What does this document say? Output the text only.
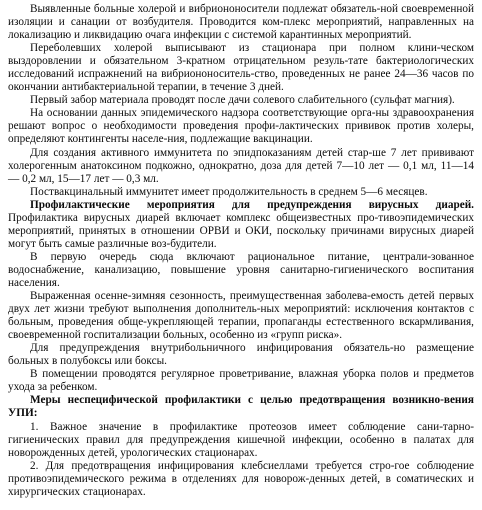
Выявленные больные холерой и вибриононосители подлежат обязатель-ной своевременной изоляции и санации от возбудителя. Проводится ком-плекс мероприятий, направленных на локализацию и ликвидацию очага инфекции с системой карантинных мероприятий.

Переболевших холерой выписывают из стационара при полном клини-ческом выздоровлении и обязательном 3-кратном отрицательном резуль-тате бактериологических исследований испражнений на вибриононоситель-ство, проведенных не ранее 24—36 часов по окончании антибактериальной терапии, в течение 3 дней.

Первый забор материала проводят после дачи солевого слабительного (сульфат магния).

На основании данных эпидемического надзора соответствующие орга-ны здравоохранения решают вопрос о необходимости проведения профи-лактических прививок против холеры, определяют контингенты населе-ния, подлежащие вакцинации.

Для создания активного иммунитета по эпидпоказаниям детей стар-ше 7 лет прививают холерогенным анатоксином подкожно, однократно, доза для детей 7—10 лет — 0,1 мл, 11—14 — 0,2 мл, 15—17 лет — 0,3 мл.

Поствакцинальный иммунитет имеет продолжительность в среднем 5—6 месяцев.

Профилактические мероприятия для предупреждения вирусных диарей. Профилактика вирусных диарей включает комплекс общеизвестных про-тивоэпидемических мероприятий, принятых в отношении ОРВИ и ОКИ, поскольку причинами вирусных диарей могут быть самые различные воз-будители.

В первую очередь сюда включают рациональное питание, централи-зованное водоснабжение, канализацию, повышение уровня санитарно-гигиенического воспитания населения.

Выраженная осенне-зимняя сезонность, преимущественная заболева-емость детей первых двух лет жизни требуют выполнения дополнитель-ных мероприятий: исключения контактов с больным, проведения обще-укрепляющей терапии, пропаганды естественного вскармливания, своевременной госпитализации больных, особенно из «групп риска».

Для предупреждения внутрибольничного инфицирования обязатель-но размещение больных в полубоксы или боксы.

В помещении проводятся регулярное проветривание, влажная уборка полов и предметов ухода за ребенком.

Меры неспецифической профилактики с целью предотвращения возникно-вения УПИ:

1. Важное значение в профилактике протеозов имеет соблюдение сани-тарно-гигиенических правил для предупреждения кишечной инфекции, особенно в палатах для новорожденных детей, урологических стационарах.

2. Для предотвращения инфицирования клебсиеллами требуется стро-гое соблюдение противоэпидемического режима в отделениях для новорож-денных детей, в соматических и хирургических стационарах.
